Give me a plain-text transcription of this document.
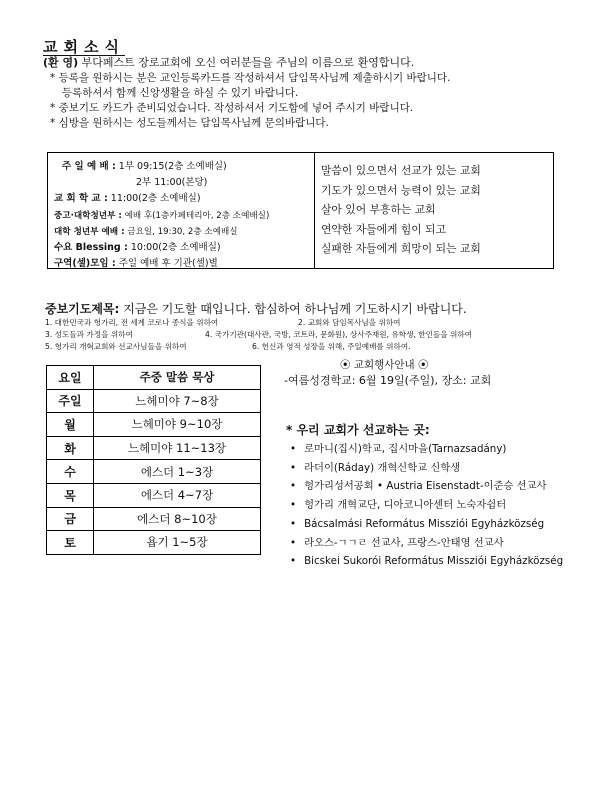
교회소식
(환 영) 부다페스트 장로교회에 오신 여러분들을 주님의 이름으로 환영합니다.
* 등록을 원하시는 분은 교인등록카드를 작성하셔서 담임목사님께 제출하시기 바랍니다.
등록하셔서 함께 신앙생활을 하실 수 있기 바랍니다.
* 중보기도 카드가 준비되었습니다. 작성하셔서 기도함에 넣어 주시기 바랍니다.
* 심방을 원하시는 성도들께서는 담임목사님께 문의바랍니다.
주 일 예 배 : 1부 09:15(2층 소예배실)
2부 11:00(본당)
교 회 학 교 : 11:00(2층 소예배실)
중고·대학청년부 : 예배 후(1층카페테리아, 2층 소예배실)
대학 청년부 예배 : 금요일, 19:30, 2층 소예배실
수요 Blessing : 10:00(2층 소예배실)
구역(셀)모임 : 주일 예배 후 기관(셀)별
말씀이 있으면서 선교가 있는 교회
기도가 있으면서 능력이 있는 교회
살아 있어 부흥하는 교회
연약한 자들에게 힘이 되고
실패한 자들에게 희망이 되는 교회
중보기도제목: 지금은 기도할 때입니다. 합심하여 하나님께 기도하시기 바랍니다.
1. 대한민국과 헝가리, 전 세계 코로나 종식을 위하여	2. 교회와 담임목사님을 위하여
3. 성도들과 가정을 위하여	4. 국가기관(대사관, 국방, 코트라, 문화원), 상사주재원, 유학생, 한인들을 위하여
5. 헝가리 개혁교회와 선교사님들을 위하여	6. 헌신과 영적 성장을 위해, 주일예배를 위하여.
요일	주중 말씀 묵상
주일	느헤미야 7~8장
월	느헤미야 9~10장
화	느헤미야 11~13장
수	에스더 1~3장
목	에스더 4~7장
금	에스더 8~10장
토	욥기 1~5장
⦿ 교회행사안내 ⦿
-여름성경학교: 6월 19일(주일), 장소: 교회
* 우리 교회가 선교하는 곳:
• 로마니(집시)학교, 집시마을(Tarnazsadány)
• 라더이(Ráday) 개혁신학교 신학생
• 헝가리성서공회 • Austria Eisenstadt-이준승 선교사
• 헝가리 개혁교단, 디아코니아센터 노숙자쉼터
• Bácsalmási Református Missziói Egyházközség
• 라오스-ㄱㄱㄹ 선교사, 프랑스-안태영 선교사
• Bicskei Sukorói Református Missziói Egyházközség
